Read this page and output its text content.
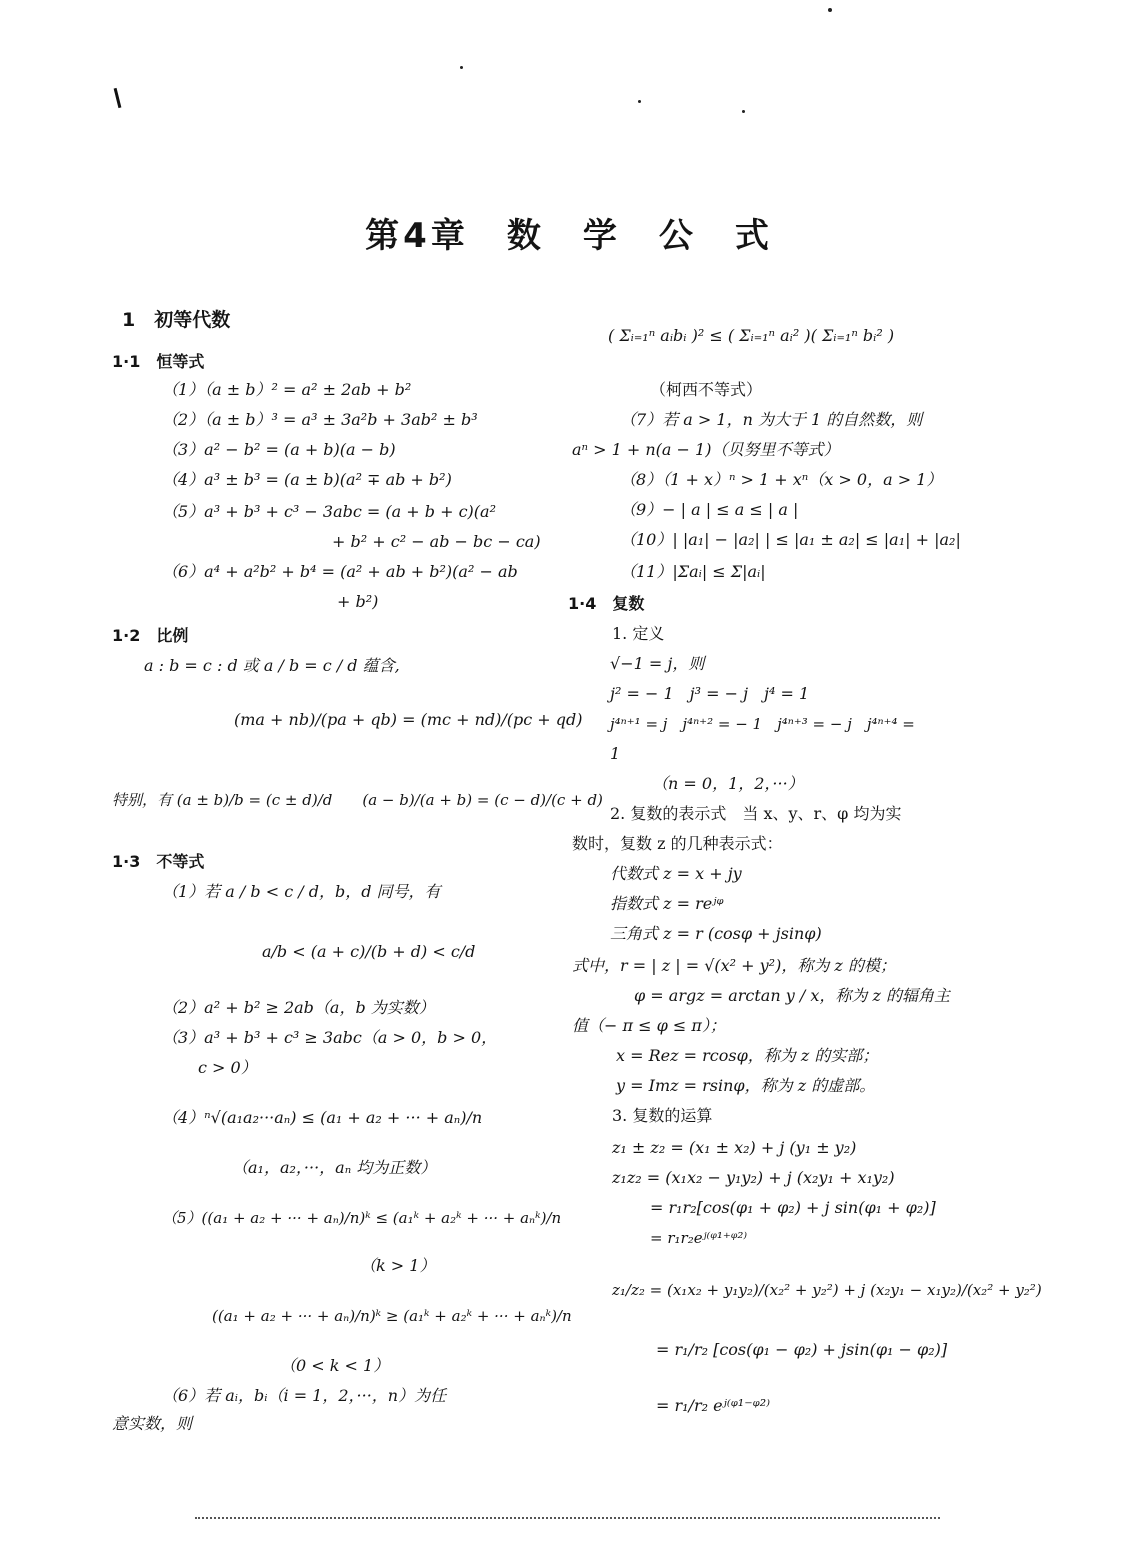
第4章　数　学　公　式
1　初等代数
1·1　恒等式
（1）（a ± b）² = a² ± 2ab + b²
（2）（a ± b）³ = a³ ± 3a²b + 3ab² ± b³
（3）a² − b² = (a + b)(a − b)
（4）a³ ± b³ = (a ± b)(a² ∓ ab + b²)
（5）a³ + b³ + c³ − 3abc = (a + b + c)(a²
+ b² + c² − ab − bc − ca)
（6）a⁴ + a²b² + b⁴ = (a² + ab + b²)(a² − ab
+ b²)
1·2　比例
a : b = c : d 或 a / b = c / d 蕴含,
(ma + nb)/(pa + qb) = (mc + nd)/(pc + qd)
特别，有 (a ± b)/b = (c ± d)/d　　(a − b)/(a + b) = (c − d)/(c + d)
1·3　不等式
（1）若 a / b < c / d，b，d 同号，有
a/b < (a + c)/(b + d) < c/d
（2）a² + b² ≥ 2ab（a，b 为实数）
（3）a³ + b³ + c³ ≥ 3abc（a > 0，b > 0，
c > 0）
（4）ⁿ√(a₁a₂···aₙ) ≤ (a₁ + a₂ + ··· + aₙ)/n
（a₁，a₂，···，aₙ 均为正数）
（5）((a₁ + a₂ + ··· + aₙ)/n)ᵏ ≤ (a₁ᵏ + a₂ᵏ + ··· + aₙᵏ)/n
（k > 1）
((a₁ + a₂ + ··· + aₙ)/n)ᵏ ≥ (a₁ᵏ + a₂ᵏ + ··· + aₙᵏ)/n
（0 < k < 1）
（6）若 aᵢ，bᵢ（i = 1，2，···，n）为任
意实数，则
( Σᵢ₌₁ⁿ aᵢbᵢ )² ≤ ( Σᵢ₌₁ⁿ aᵢ² )( Σᵢ₌₁ⁿ bᵢ² )
（柯西不等式）
（7）若 a > 1，n 为大于 1 的自然数，则
aⁿ > 1 + n(a − 1)（贝努里不等式）
（8）（1 + x）ⁿ > 1 + xⁿ（x > 0，a > 1）
（9）− | a | ≤ a ≤ | a |
（10）| |a₁| − |a₂| | ≤ |a₁ ± a₂| ≤ |a₁| + |a₂|
（11）|Σaᵢ| ≤ Σ|aᵢ|
1·4　复数
1. 定义
√−1 = j，则
j² = − 1　j³ = − j　j⁴ = 1
j⁴ⁿ⁺¹ = j　j⁴ⁿ⁺² = − 1　j⁴ⁿ⁺³ = − j　j⁴ⁿ⁺⁴ =
1
（n = 0，1，2，···）
2. 复数的表示式　当 x、y、r、φ 均为实
数时，复数 z 的几种表示式：
代数式 z = x + jy
指数式 z = reʲᵠ
三角式 z = r (cosφ + jsinφ)
式中，r = | z | = √(x² + y²)，称为 z 的模；
φ = argz = arctan y / x，称为 z 的辐角主
值（− π ≤ φ ≤ π）；
x = Rez = rcosφ，称为 z 的实部；
y = Imz = rsinφ，称为 z 的虚部。
3. 复数的运算
z₁ ± z₂ = (x₁ ± x₂) + j (y₁ ± y₂)
z₁z₂ = (x₁x₂ − y₁y₂) + j (x₂y₁ + x₁y₂)
= r₁r₂[cos(φ₁ + φ₂) + j sin(φ₁ + φ₂)]
= r₁r₂eʲ⁽ᵠ¹⁺ᵠ²⁾
z₁/z₂ = (x₁x₂ + y₁y₂)/(x₂² + y₂²) + j (x₂y₁ − x₁y₂)/(x₂² + y₂²)
= r₁/r₂ [cos(φ₁ − φ₂) + jsin(φ₁ − φ₂)]
= r₁/r₂ eʲ⁽ᵠ¹⁻ᵠ²⁾
